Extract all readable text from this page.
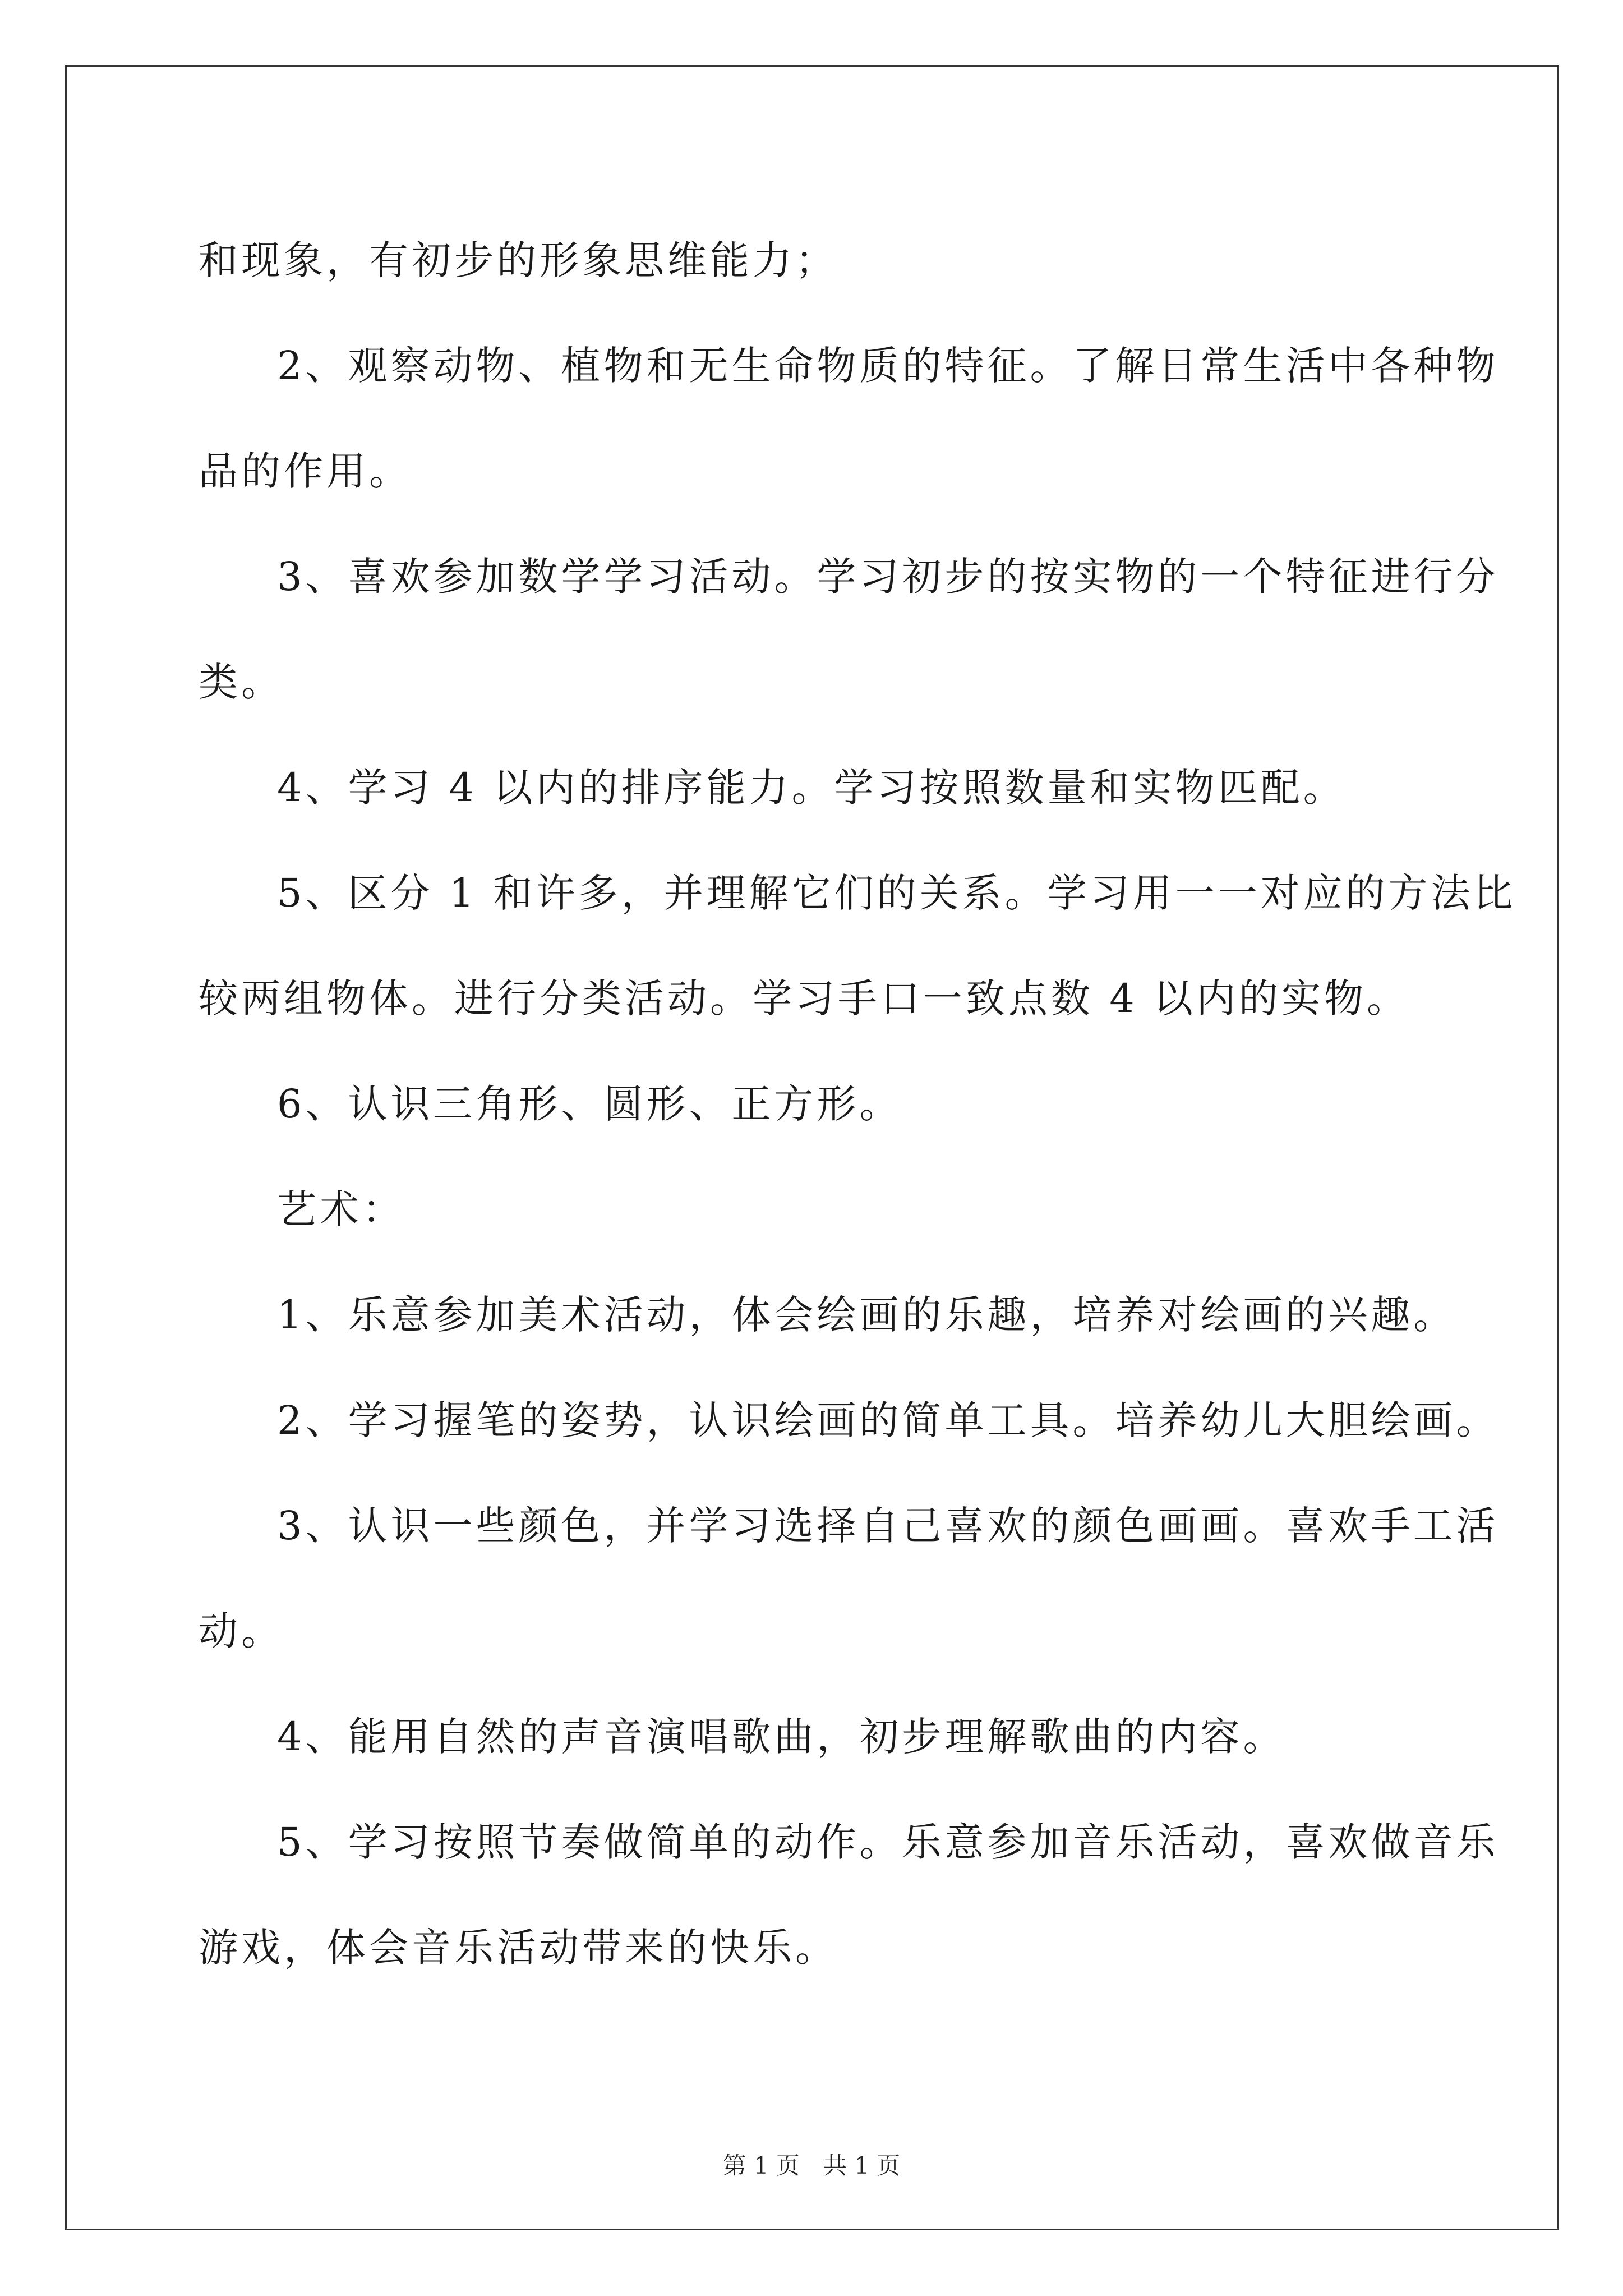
和现象，有初步的形象思维能力；

2、观察动物、植物和无生命物质的特征。了解日常生活中各种物

品的作用。

3、喜欢参加数学学习活动。学习初步的按实物的一个特征进行分

类。

4、学习 4 以内的排序能力。学习按照数量和实物匹配。

5、区分 1 和许多，并理解它们的关系。学习用一一对应的方法比

较两组物体。进行分类活动。学习手口一致点数 4 以内的实物。

6、认识三角形、圆形、正方形。

艺术：

1、乐意参加美术活动，体会绘画的乐趣，培养对绘画的兴趣。

2、学习握笔的姿势，认识绘画的简单工具。培养幼儿大胆绘画。

3、认识一些颜色，并学习选择自己喜欢的颜色画画。喜欢手工活

动。

4、能用自然的声音演唱歌曲，初步理解歌曲的内容。

5、学习按照节奏做简单的动作。乐意参加音乐活动，喜欢做音乐

游戏，体会音乐活动带来的快乐。

第 1 页　共 1 页
